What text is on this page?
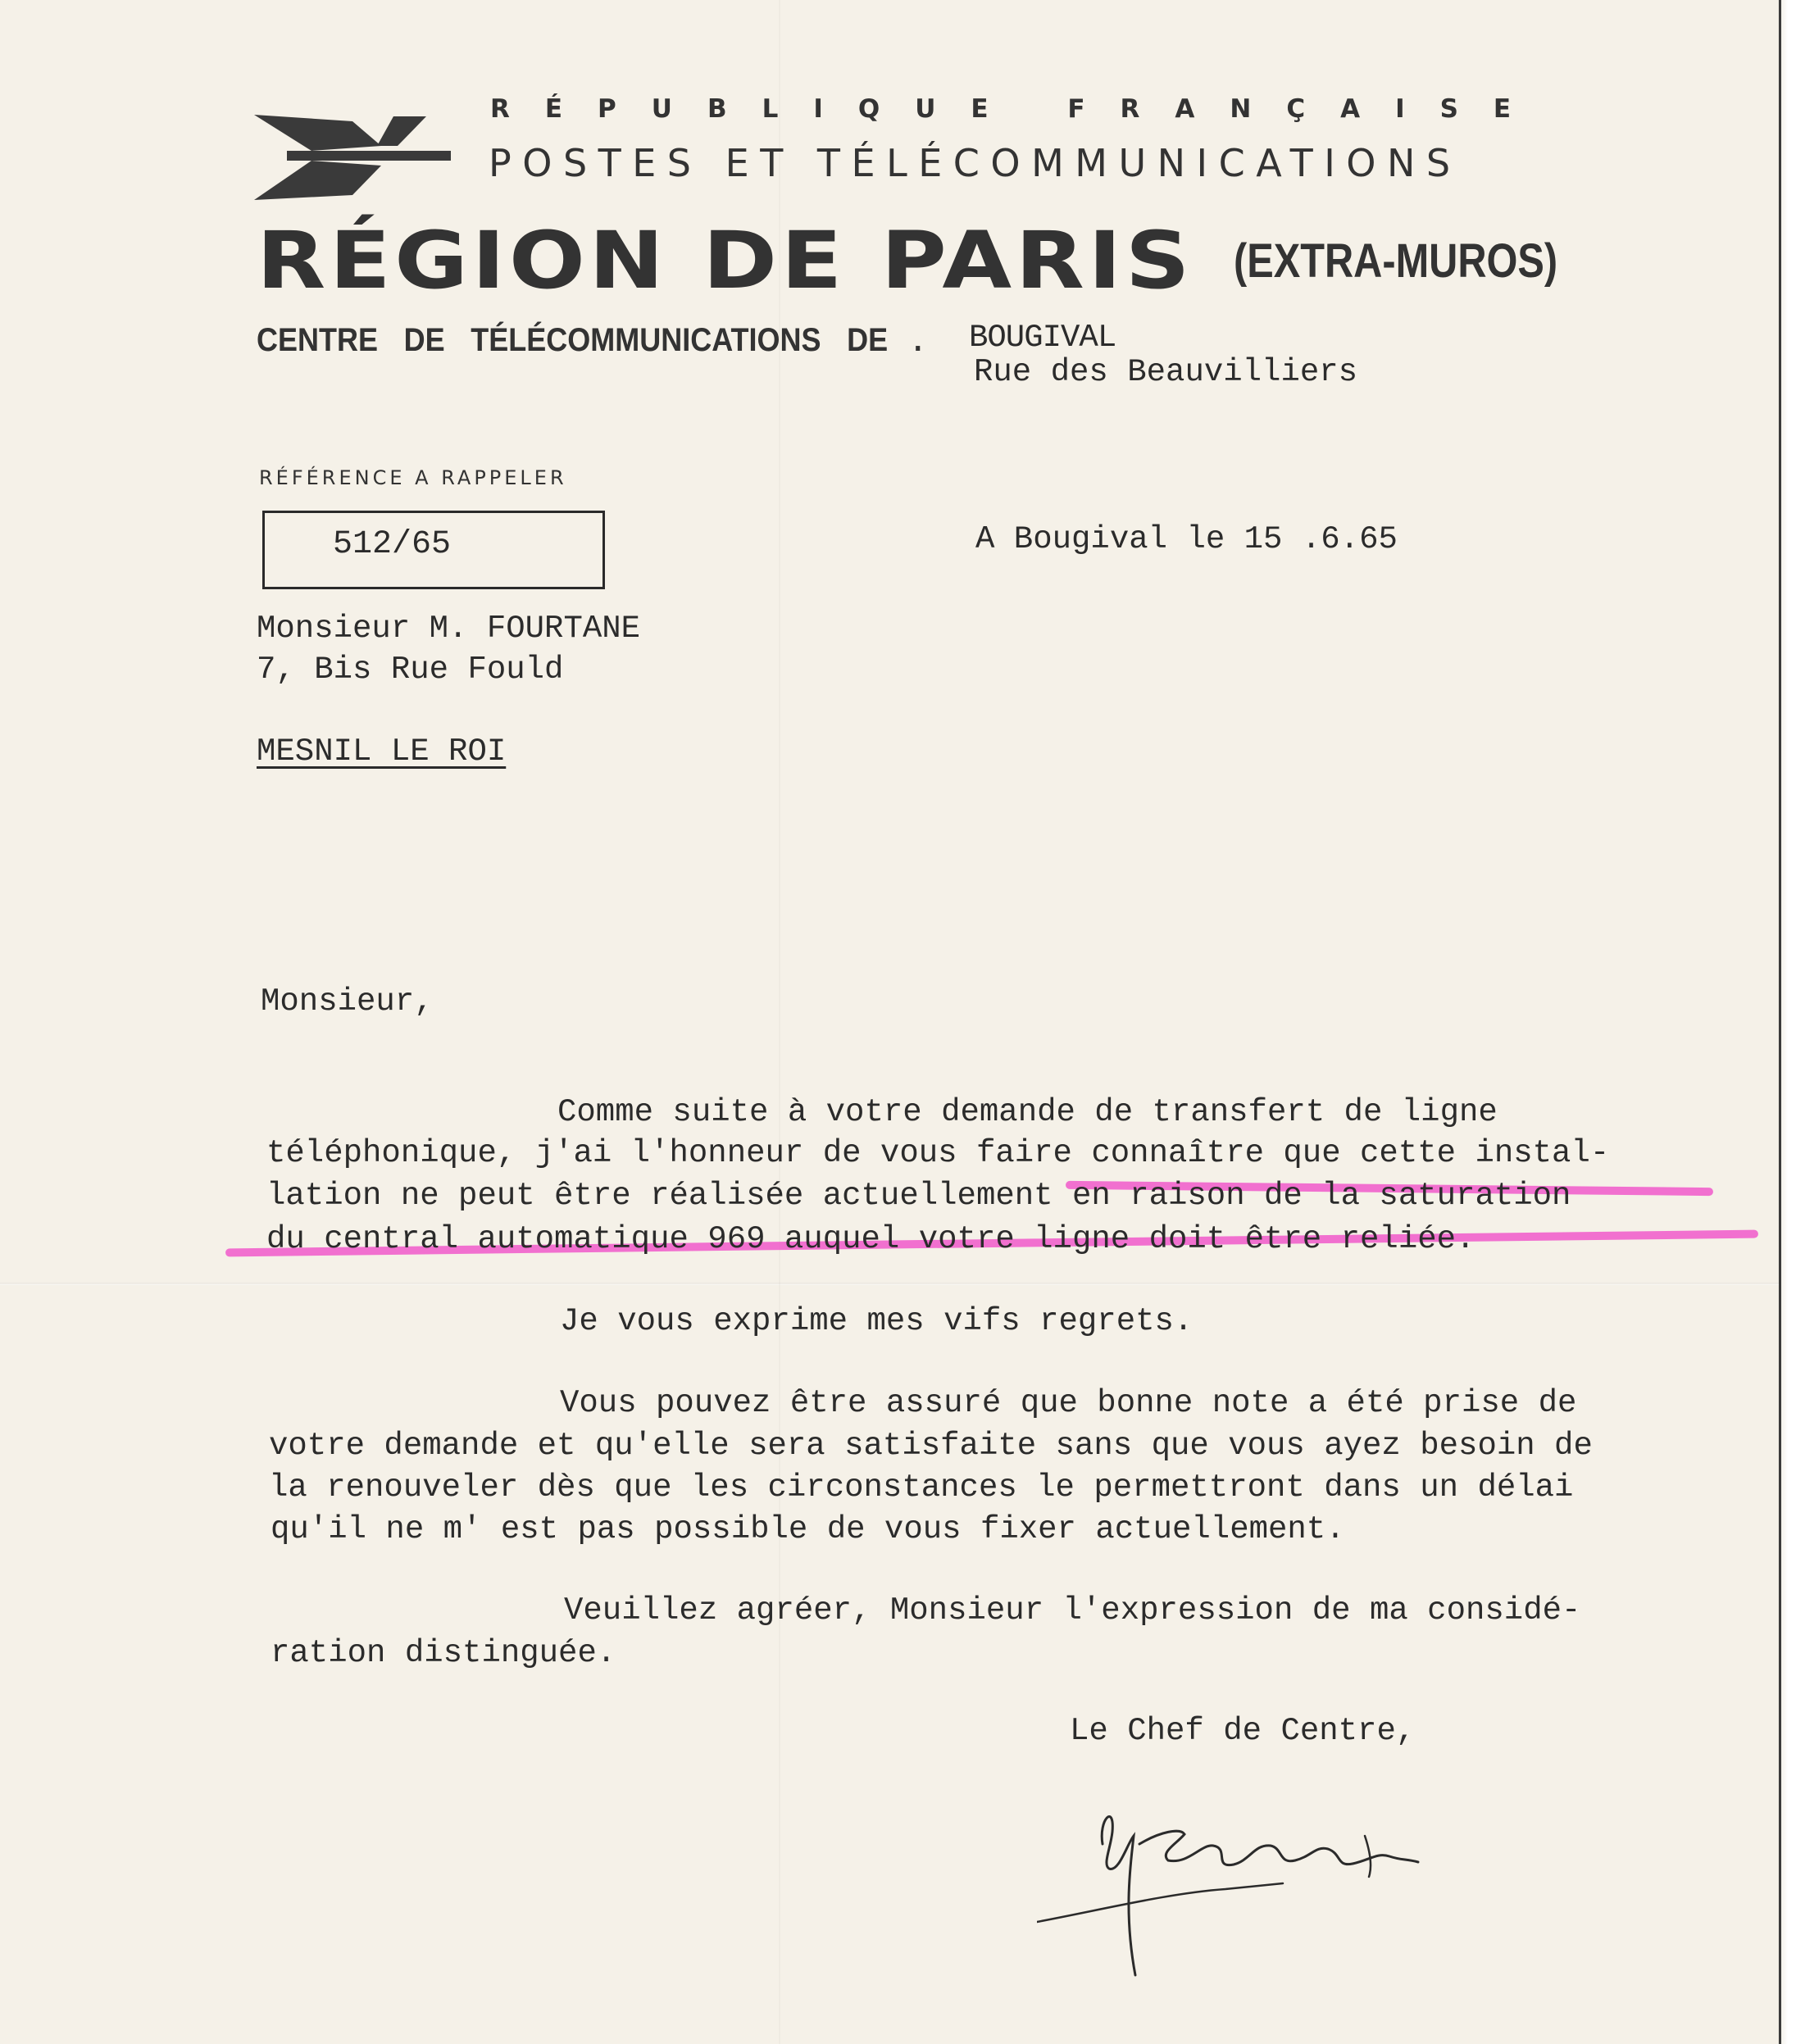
RÉPUBLIQUE FRANÇAISE
POSTES ET TÉLÉCOMMUNICATIONS
RÉGION DE PARIS (EXTRA-MUROS)
CENTRE DE TÉLÉCOMMUNICATIONS DE . BOUGIVAL
Rue des Beauvilliers
RÉFÉRENCE A RAPPELER
512/65	A Bougival le 15 .6.65
Monsieur M. FOURTANE
7, Bis Rue Fould
MESNIL LE ROI
Monsieur,
Comme suite à votre demande de transfert de ligne
téléphonique, j'ai l'honneur de vous faire connaître que cette instal-
lation ne peut être réalisée actuellement en raison de la saturation
du central automatique 969 auquel votre ligne doit être reliée.
Je vous exprime mes vifs regrets.
Vous pouvez être assuré que bonne note a été prise de
votre demande et qu'elle sera satisfaite sans que vous ayez besoin de
la renouveler dès que les circonstances le permettront dans un délai
qu'il ne m' est pas possible de vous fixer actuellement.
Veuillez agréer, Monsieur l'expression de ma considé-
ration distinguée.
Le Chef de Centre,
